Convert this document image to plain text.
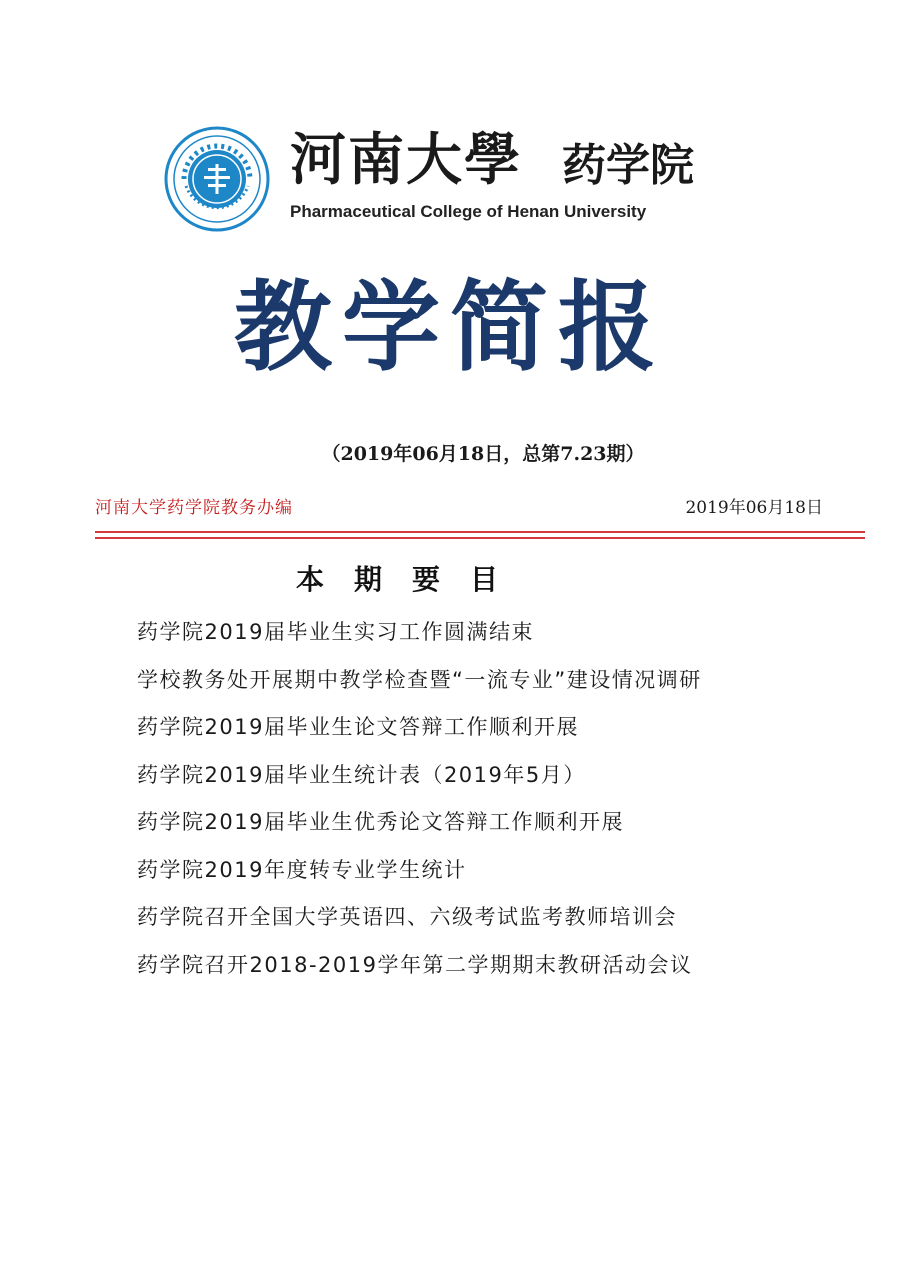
河南大學 药学院
Pharmaceutical College of Henan University
教学简报
（2019年06月18日，总第7.23期）
河南大学药学院教务办编	2019年06月18日
本期要目
药学院2019届毕业生实习工作圆满结束
学校教务处开展期中教学检查暨“一流专业”建设情况调研
药学院2019届毕业生论文答辩工作顺利开展
药学院2019届毕业生统计表（2019年5月）
药学院2019届毕业生优秀论文答辩工作顺利开展
药学院2019年度转专业学生统计
药学院召开全国大学英语四、六级考试监考教师培训会
药学院召开2018-2019学年第二学期期末教研活动会议
